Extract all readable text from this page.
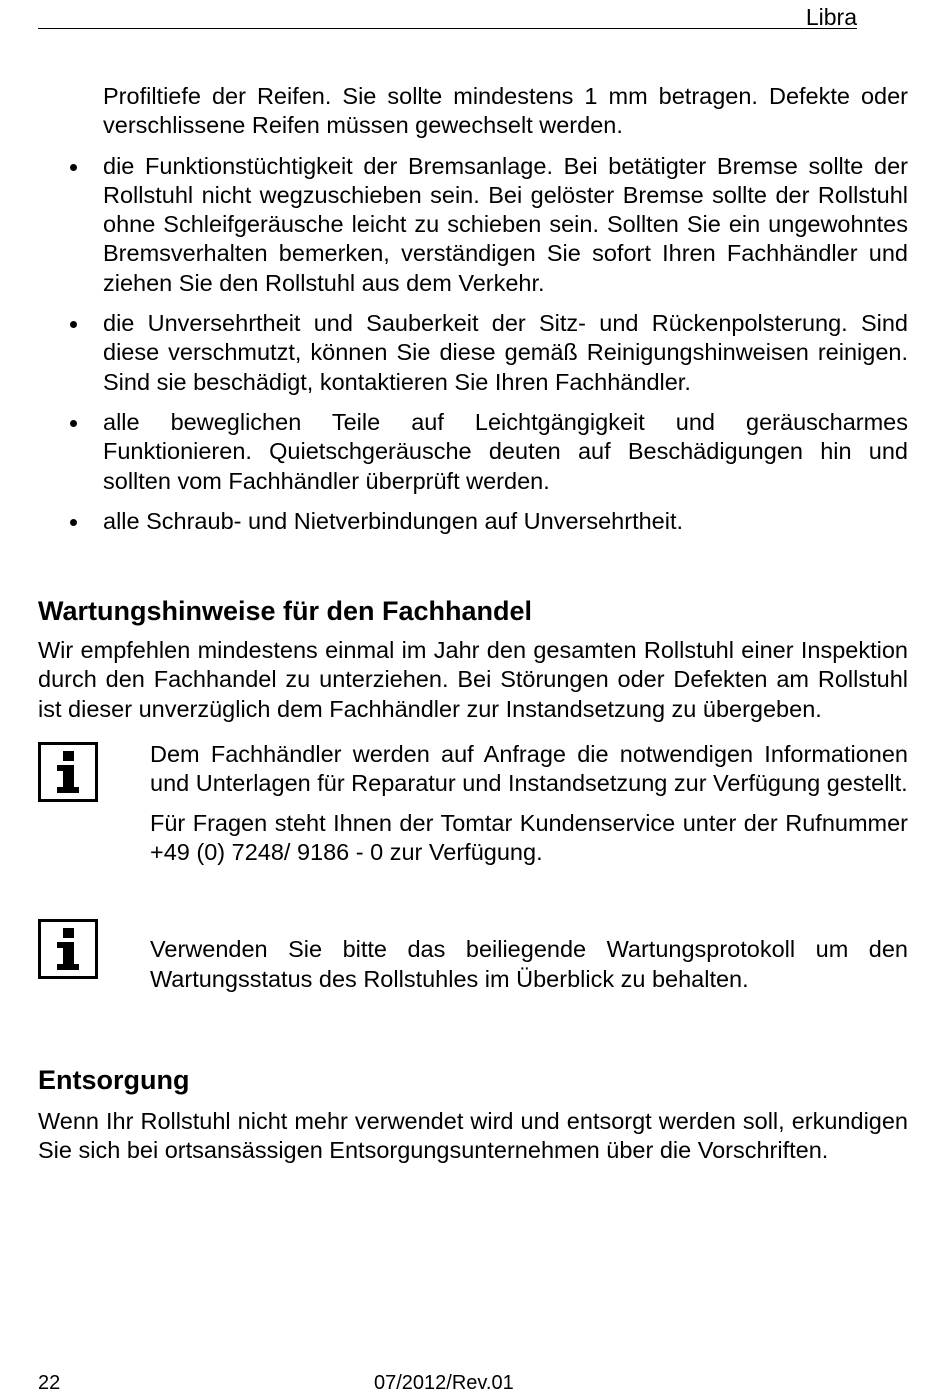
Libra

Profiltiefe der Reifen. Sie sollte mindestens 1 mm betragen. Defekte oder verschlissene Reifen müssen gewechselt werden.

die Funktionstüchtigkeit der Bremsanlage. Bei betätigter Bremse sollte der Rollstuhl nicht wegzuschieben sein. Bei gelöster Bremse sollte der Rollstuhl ohne Schleifgeräusche leicht zu schieben sein. Sollten Sie ein ungewohntes Bremsverhalten bemerken, verständigen Sie sofort Ihren Fachhändler und ziehen Sie den Rollstuhl aus dem Verkehr.
die Unversehrtheit und Sauberkeit der Sitz- und Rückenpolsterung. Sind diese verschmutzt, können Sie diese gemäß Reinigungshinweisen reinigen. Sind sie beschädigt, kontaktieren Sie Ihren Fachhändler.
alle beweglichen Teile auf Leichtgängigkeit und geräuscharmes Funktionieren. Quietschgeräusche deuten auf Beschädigungen hin und sollten vom Fachhändler überprüft werden.
alle Schraub- und Nietverbindungen auf Unversehrtheit.
Wartungshinweise für den Fachhandel

Wir empfehlen mindestens einmal im Jahr den gesamten Rollstuhl einer Inspektion durch den Fachhandel zu unterziehen. Bei Störungen oder Defekten am Rollstuhl ist dieser unverzüglich dem Fachhändler zur Instandsetzung zu übergeben.

Dem Fachhändler werden auf Anfrage die notwendigen Informationen und Unterlagen für Reparatur und Instandsetzung zur Verfügung gestellt.

Für Fragen steht Ihnen der Tomtar Kundenservice unter der Rufnummer +49 (0) 7248/ 9186 - 0 zur Verfügung.

Verwenden Sie bitte das beiliegende Wartungsprotokoll um den Wartungsstatus des Rollstuhles im Überblick zu behalten.

Entsorgung

Wenn Ihr Rollstuhl nicht mehr verwendet wird und entsorgt werden soll, erkundigen Sie sich bei ortsansässigen Entsorgungsunternehmen über die Vorschriften.

22	07/2012/Rev.01
